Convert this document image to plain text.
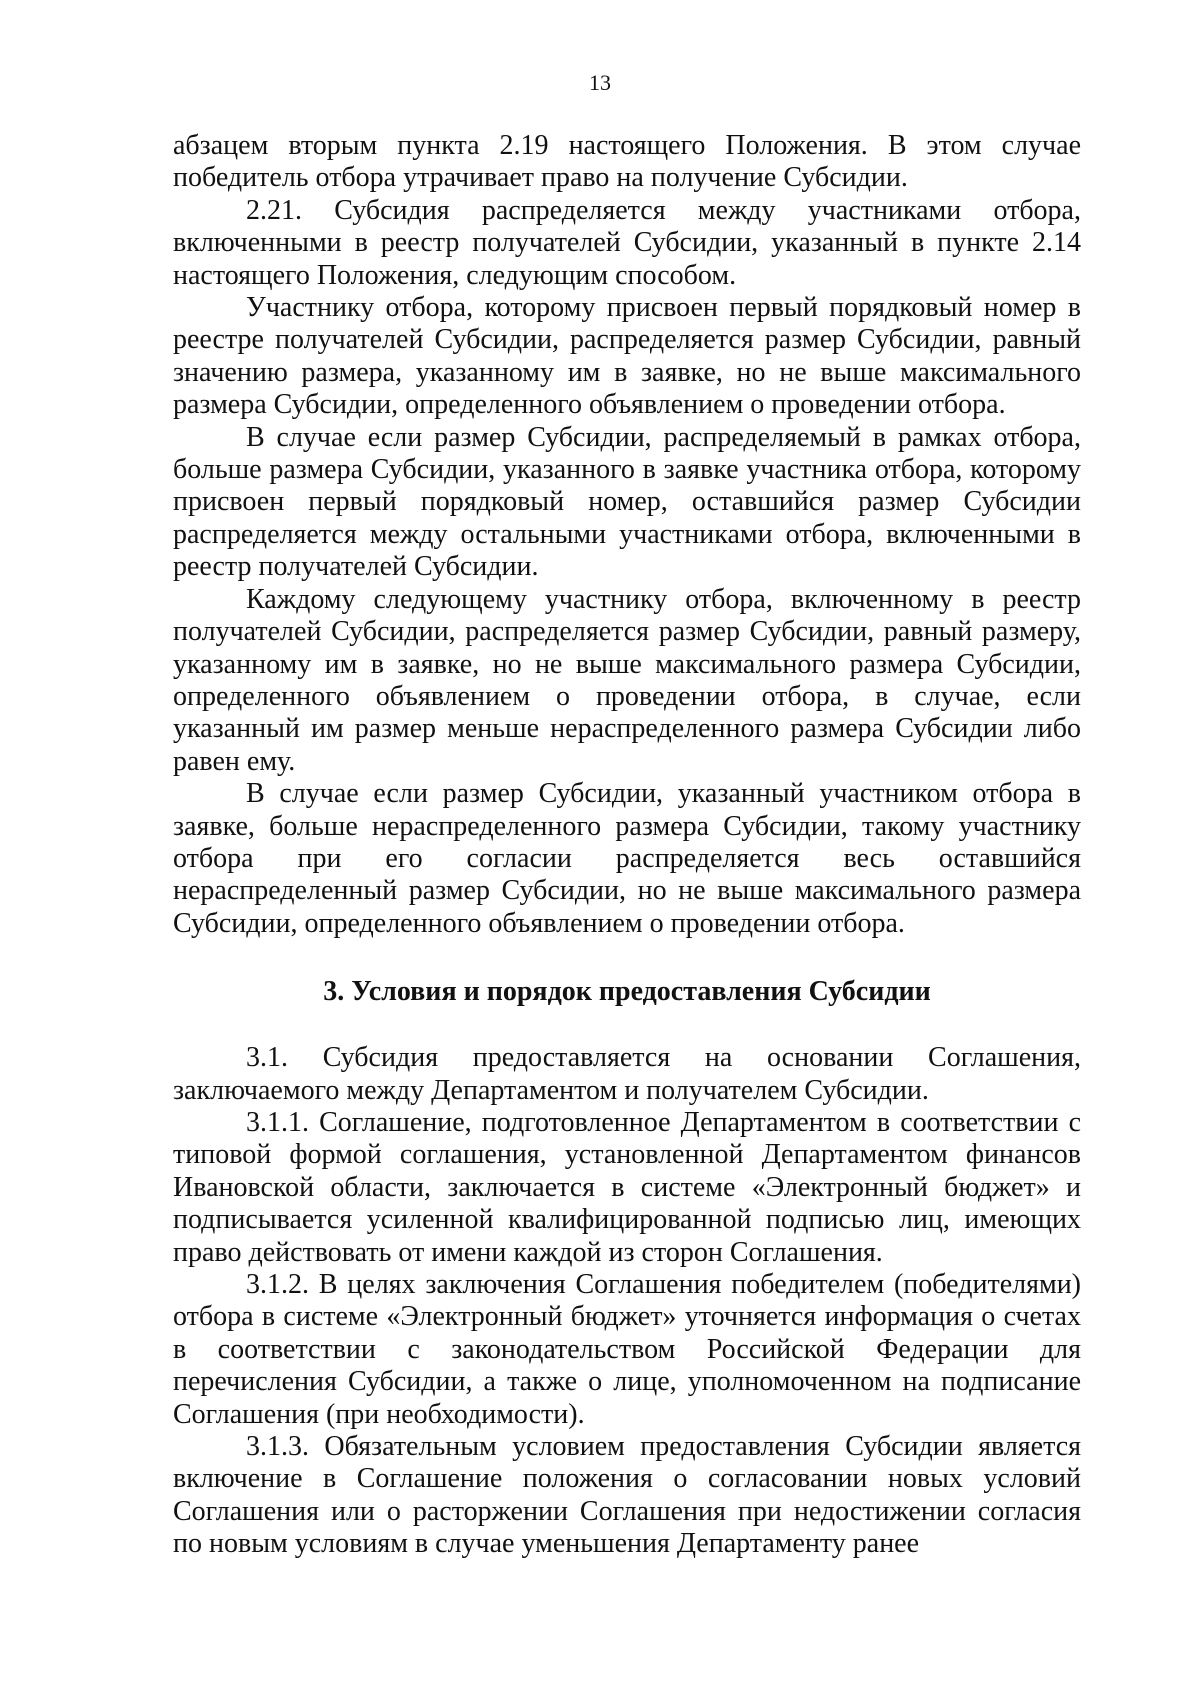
13

абзацем вторым пункта 2.19 настоящего Положения. В этом случае победитель отбора утрачивает право на получение Субсидии.

2.21. Субсидия распределяется между участниками отбора, включенными в реестр получателей Субсидии, указанный в пункте 2.14 настоящего Положения, следующим способом.

Участнику отбора, которому присвоен первый порядковый номер в реестре получателей Субсидии, распределяется размер Субсидии, равный значению размера, указанному им в заявке, но не выше максимального размера Субсидии, определенного объявлением о проведении отбора.

В случае если размер Субсидии, распределяемый в рамках отбора, больше размера Субсидии, указанного в заявке участника отбора, которому присвоен первый порядковый номер, оставшийся размер Субсидии распределяется между остальными участниками отбора, включенными в реестр получателей Субсидии.

Каждому следующему участнику отбора, включенному в реестр получателей Субсидии, распределяется размер Субсидии, равный размеру, указанному им в заявке, но не выше максимального размера Субсидии, определенного объявлением о проведении отбора, в случае, если указанный им размер меньше нераспределенного размера Субсидии либо равен ему.

В случае если размер Субсидии, указанный участником отбора в заявке, больше нераспределенного размера Субсидии, такому участнику отбора при его согласии распределяется весь оставшийся нераспределенный размер Субсидии, но не выше максимального размера Субсидии, определенного объявлением о проведении отбора.

3. Условия и порядок предоставления Субсидии

3.1. Субсидия предоставляется на основании Соглашения, заключаемого между Департаментом и получателем Субсидии.

3.1.1. Соглашение, подготовленное Департаментом в соответствии с типовой формой соглашения, установленной Департаментом финансов Ивановской области, заключается в системе «Электронный бюджет» и подписывается усиленной квалифицированной подписью лиц, имеющих право действовать от имени каждой из сторон Соглашения.

3.1.2. В целях заключения Соглашения победителем (победителями) отбора в системе «Электронный бюджет» уточняется информация о счетах в соответствии с законодательством Российской Федерации для перечисления Субсидии, а также о лице, уполномоченном на подписание Соглашения (при необходимости).

3.1.3. Обязательным условием предоставления Субсидии является включение в Соглашение положения о согласовании новых условий Соглашения или о расторжении Соглашения при недостижении согласия по новым условиям в случае уменьшения Департаменту ранее
